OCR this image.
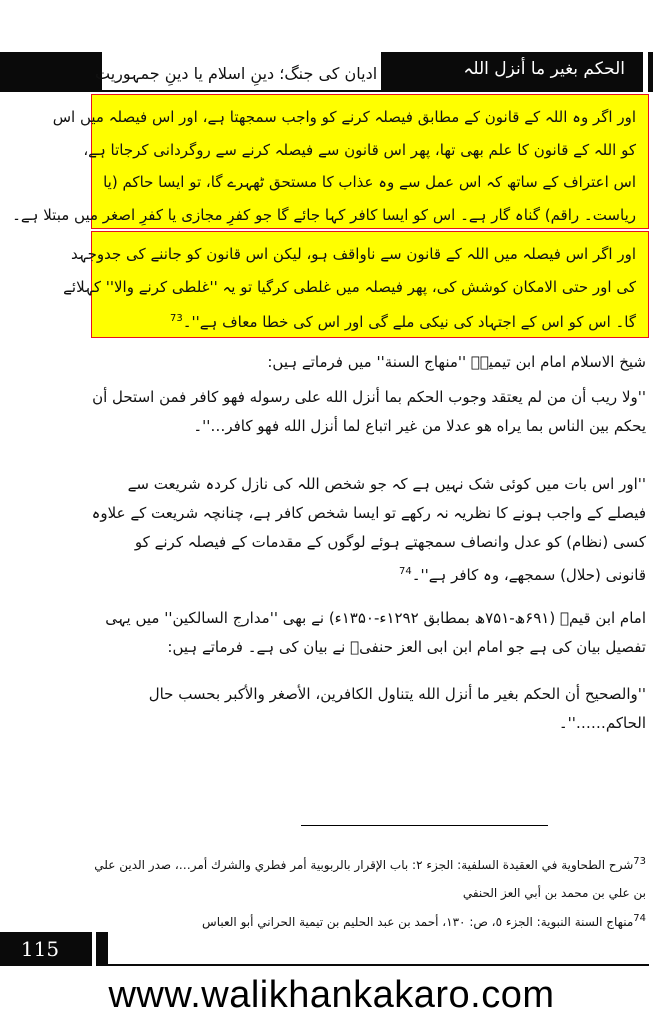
ادیان کی جنگ؛ دینِ اسلام یا دینِ جمہوریت	الحکم بغیر ما أنزل اللہ

اور اگر وہ اللہ کے قانون کے مطابق فیصلہ کرنے کو واجب سمجھتا ہے، اور اس فیصلہ میں اس
کو اللہ کے قانون کا علم بھی تھا، پھر اس قانون سے فیصلہ کرنے سے روگردانی کرجاتا ہے،
اس اعتراف کے ساتھ کہ اس عمل سے وہ عذاب کا مستحق ٹھہرے گا، تو ایسا حاکم (یا
ریاست۔ راقم) گناہ گار ہے۔ اس کو ایسا کافر کہا جائے گا جو کفرِ مجازی یا کفرِ اصغر میں مبتلا ہے۔

اور اگر اس فیصلہ میں اللہ کے قانون سے ناواقف ہو، لیکن اس قانون کو جاننے کی جدوجہد
کی اور حتی الامکان کوشش کی، پھر فیصلہ میں غلطی کرگیا تو یہ ''غلطی کرنے والا'' کہلائے
گا۔ اس کو اس کے اجتہاد کی نیکی ملے گی اور اس کی خطا معاف ہے''۔$^{73}$

شیخ الاسلام امام ابن تیمیہؒ ''منهاج السنة'' میں فرماتے ہیں:
''ولا ريب أن من لم يعتقد وجوب الحكم بما أنزل الله على رسوله فهو كافر فمن استحل أن يحكم بين الناس بما يراه هو عدلا من غير اتباع لما أنزل الله فهو كافر…''۔
''اور اس بات میں کوئی شک نہیں ہے کہ جو شخص اللہ کی نازل کردہ شریعت سے فیصلے کے واجب ہونے کا نظریہ نہ رکھے تو ایسا شخص کافر ہے، چنانچہ شریعت کے علاوہ کسی (نظام) کو عدل وانصاف سمجھتے ہوئے لوگوں کے مقدمات کے فیصلہ کرنے کو قانونی (حلال) سمجھے، وہ کافر ہے''۔$^{74}$
امام ابن قیمؒ (۶۹۱ھ-۷۵۱ھ بمطابق ۱۲۹۲ء-۱۳۵۰ء) نے بھی ''مدارج السالکین'' میں یہی تفصیل بیان کی ہے جو امام ابن ابی العز حنفیؒ نے بیان کی ہے۔ فرماتے ہیں:
''والصحيح أن الحكم بغير ما أنزل الله يتناول الكافرين، الأصغر والأكبر بحسب حال الحاكم……''۔
$^{73}$شرح الطحاوية في العقيدة السلفية: الجزء ٢: باب الإقرار بالربوبية أمر فطري والشرك أمر…، صدر الدين علي بن علي بن محمد بن أبي العز الحنفي
$^{74}$منهاج السنة النبوية: الجزء ٥، ص: ١٣٠، أحمد بن عبد الحليم بن تيمية الحراني أبو العباس
115
www.walikhankakaro.com
